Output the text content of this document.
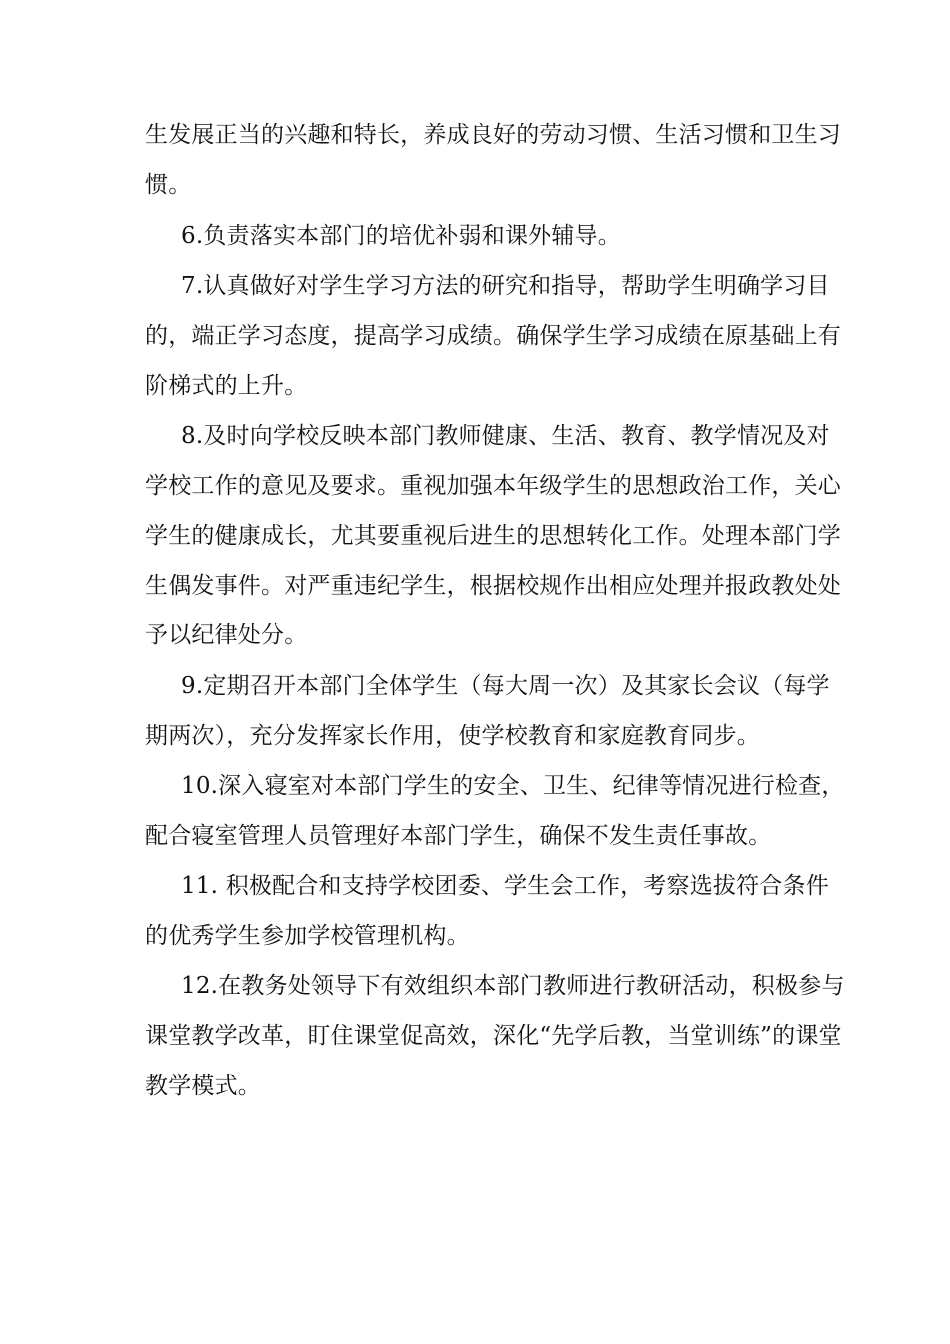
生发展正当的兴趣和特长，养成良好的劳动习惯、生活习惯和卫生习
惯。
6.负责落实本部门的培优补弱和课外辅导。
7.认真做好对学生学习方法的研究和指导，帮助学生明确学习目
的，端正学习态度，提高学习成绩。确保学生学习成绩在原基础上有
阶梯式的上升。
8.及时向学校反映本部门教师健康、生活、教育、教学情况及对
学校工作的意见及要求。重视加强本年级学生的思想政治工作，关心
学生的健康成长，尤其要重视后进生的思想转化工作。处理本部门学
生偶发事件。对严重违纪学生，根据校规作出相应处理并报政教处处
予以纪律处分。
9.定期召开本部门全体学生（每大周一次）及其家长会议（每学
期两次），充分发挥家长作用，使学校教育和家庭教育同步。
10.深入寝室对本部门学生的安全、卫生、纪律等情况进行检查，
配合寝室管理人员管理好本部门学生，确保不发生责任事故。
11. 积极配合和支持学校团委、学生会工作，考察选拔符合条件
的优秀学生参加学校管理机构。
12.在教务处领导下有效组织本部门教师进行教研活动，积极参与
课堂教学改革，盯住课堂促高效，深化“先学后教，当堂训练”的课堂
教学模式。
